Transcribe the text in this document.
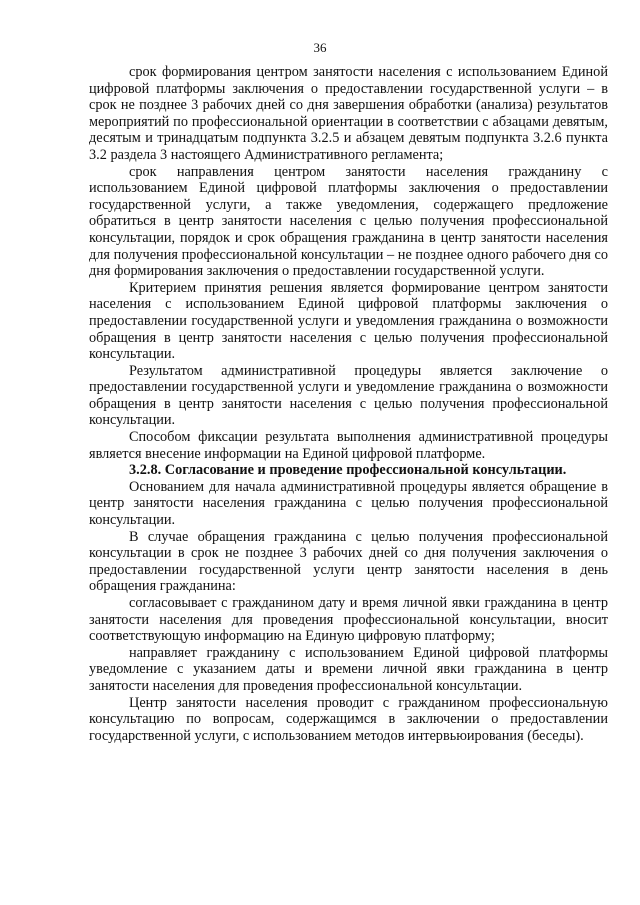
36

срок формирования центром занятости населения с использованием Единой цифровой платформы заключения о предоставлении государственной услуги – в срок не позднее 3 рабочих дней со дня завершения обработки (анализа) результатов мероприятий по профессиональной ориентации в соответствии с абзацами девятым, десятым и тринадцатым подпункта 3.2.5 и абзацем девятым подпункта 3.2.6 пункта 3.2 раздела 3 настоящего Административного регламента;

срок направления центром занятости населения гражданину с использованием Единой цифровой платформы заключения о предоставлении государственной услуги, а также уведомления, содержащего предложение обратиться в центр занятости населения с целью получения профессиональной консультации, порядок и срок обращения гражданина в центр занятости населения для получения профессиональной консультации – не позднее одного рабочего дня со дня формирования заключения о предоставлении государственной услуги.

Критерием принятия решения является формирование центром занятости населения с использованием Единой цифровой платформы заключения о предоставлении государственной услуги и уведомления гражданина о возможности обращения в центр занятости населения с целью получения профессиональной консультации.

Результатом административной процедуры является заключение о предоставлении государственной услуги и уведомление гражданина о возможности обращения в центр занятости населения с целью получения профессиональной консультации.

Способом фиксации результата выполнения административной процедуры является внесение информации на Единой цифровой платформе.

3.2.8. Согласование и проведение профессиональной консультации.

Основанием для начала административной процедуры является обращение в центр занятости населения гражданина с целью получения профессиональной консультации.

В случае обращения гражданина с целью получения профессиональной консультации в срок не позднее 3 рабочих дней со дня получения заключения о предоставлении государственной услуги центр занятости населения в день обращения гражданина:

согласовывает с гражданином дату и время личной явки гражданина в центр занятости населения для проведения профессиональной консультации, вносит соответствующую информацию на Единую цифровую платформу;

направляет гражданину с использованием Единой цифровой платформы уведомление с указанием даты и времени личной явки гражданина в центр занятости населения для проведения профессиональной консультации.

Центр занятости населения проводит с гражданином профессиональную консультацию по вопросам, содержащимся в заключении о предоставлении государственной услуги, с использованием методов интервьюирования (беседы).
